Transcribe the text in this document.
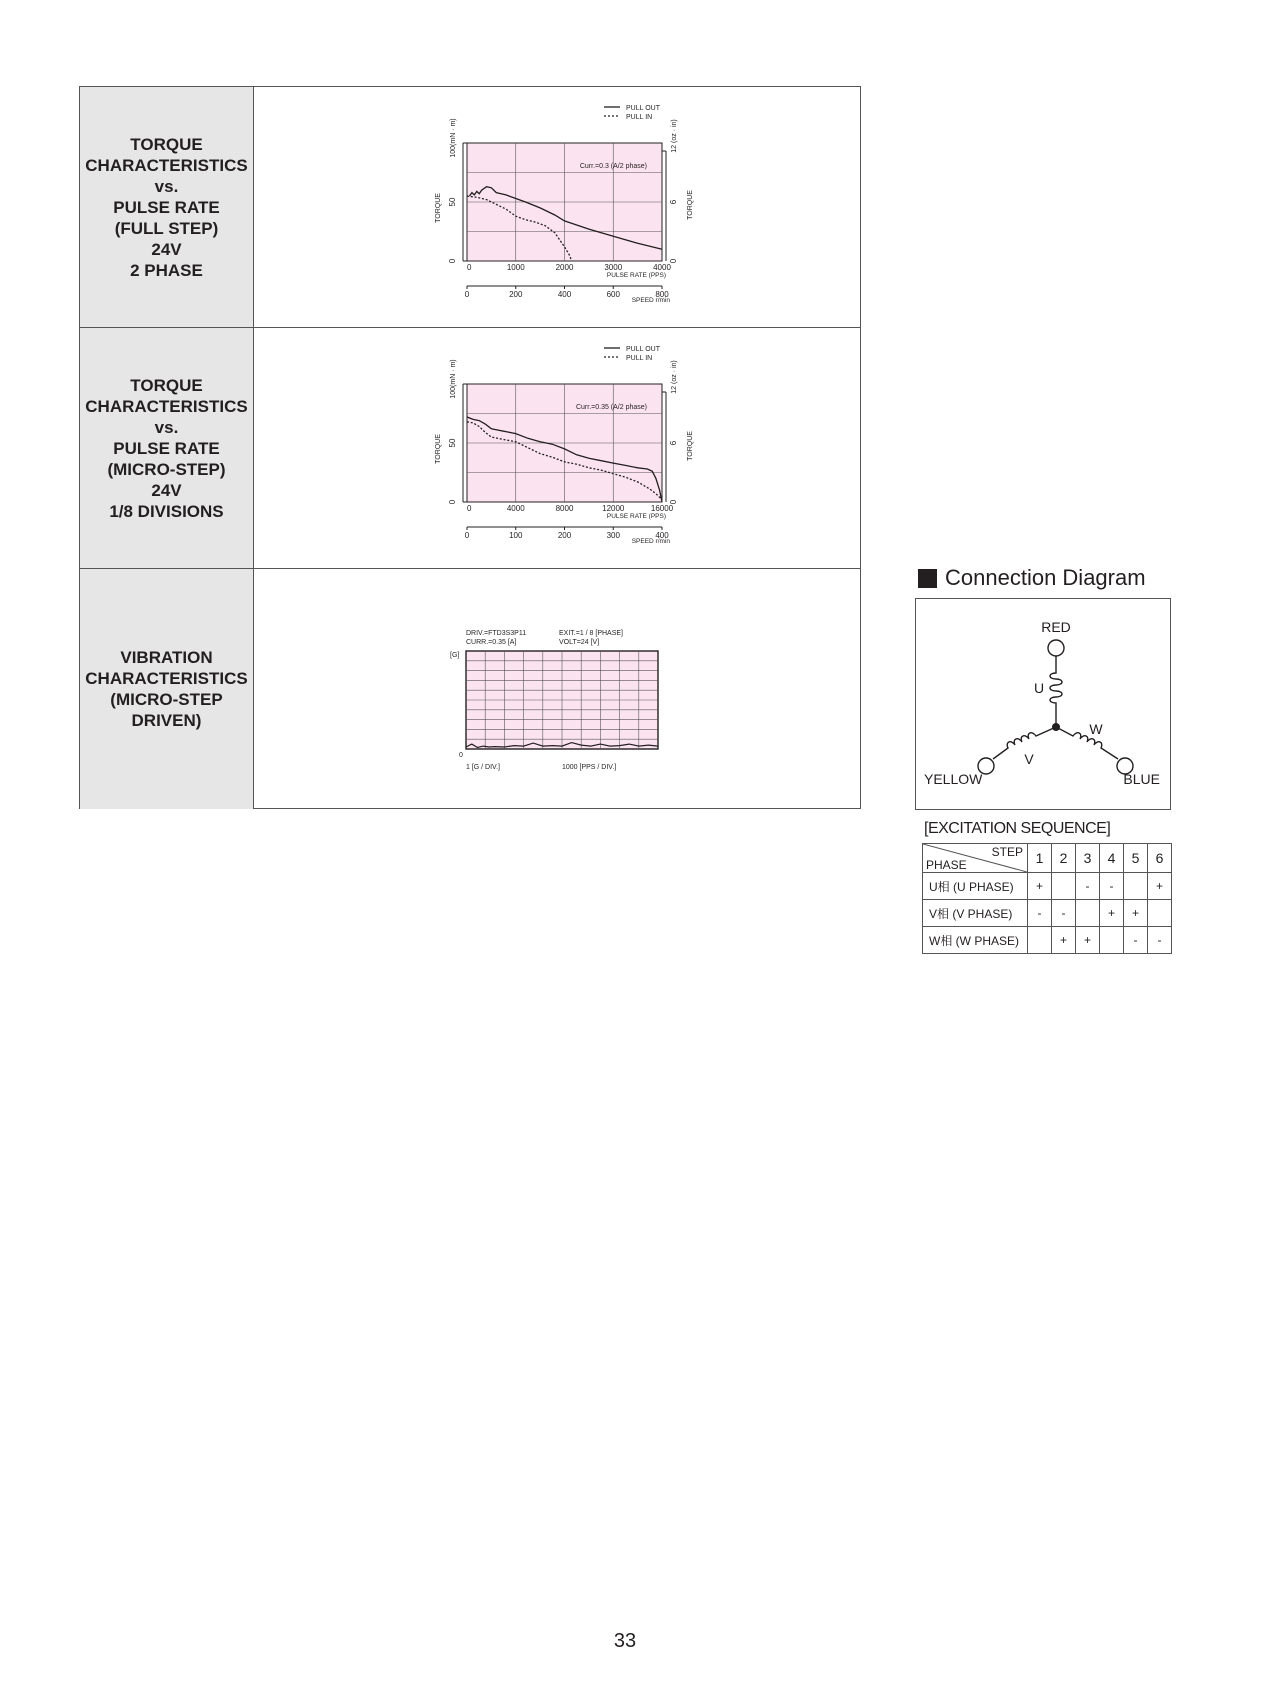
TORQUE
CHARACTERISTICS
vs.
PULSE RATE
(FULL STEP)
24V
2 PHASE	0
50
100(mN · m)
TORQUE
0
6
12 (oz · in)
TORQUE
0	1000	2000	3000	4000
PULSE RATE (PPS)
0	200	400	600	800
SPEED r/min
Curr.=0.3 (A/2 phase)
PULL OUT
PULL IN
TORQUE
CHARACTERISTICS
vs.
PULSE RATE
(MICRO-STEP)
24V
1/8 DIVISIONS	0
50
100(mN · m)
TORQUE
0
6
12 (oz · in)
TORQUE
0	4000	8000	12000	16000
PULSE RATE (PPS)
0	100	200	300	400
SPEED r/min
Curr.=0.35 (A/2 phase)
PULL OUT
PULL IN
VIBRATION
CHARACTERISTICS
(MICRO-STEP
DRIVEN)
DRIV.=FTD3S3P11
CURR.=0.35 [A]
EXIT.=1 / 8 [PHASE]
VOLT=24 [V]
[G]
0
1 [G / DIV.]	1000 [PPS / DIV.]
Connection Diagram
RED
U
V
W
YELLOW	BLUE
[EXCITATION SEQUENCE]
STEP
PHASE	1	2	3	4	5	6
U相 (U PHASE)	+		-	-		+
V相 (V PHASE)	-	-		+	+	
W相 (W PHASE)		+	+		-	-
33
